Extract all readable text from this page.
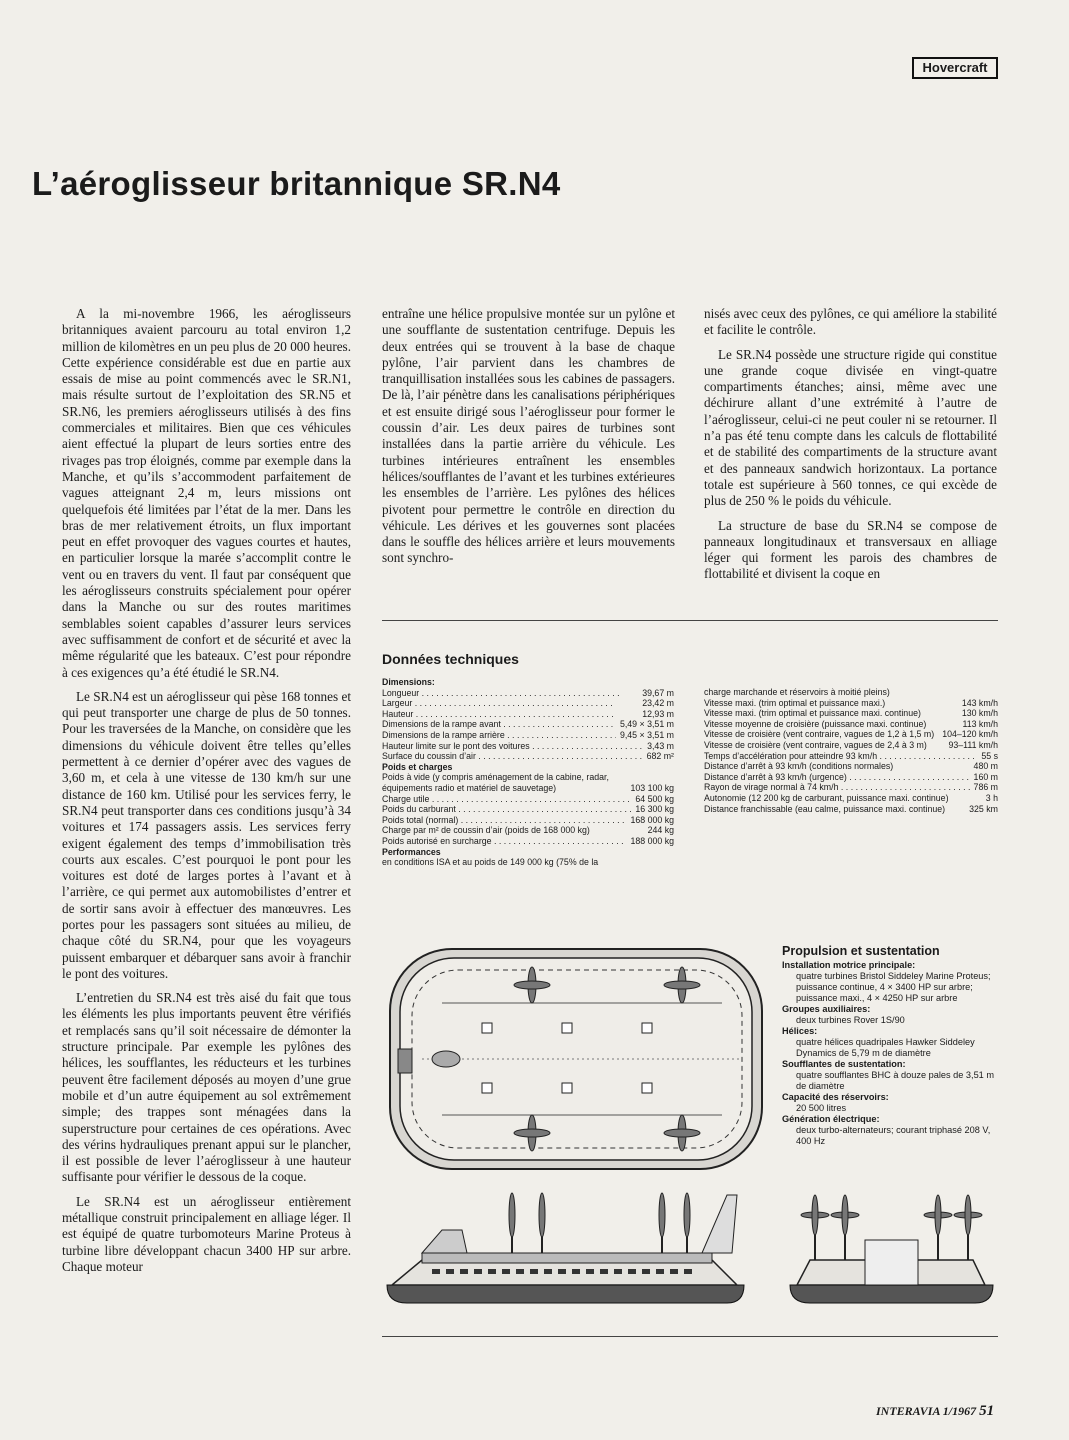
Hovercraft
L’aéroglisseur britannique SR.N4

A la mi-novembre 1966, les aéroglisseurs britanniques avaient parcouru au total environ 1,2 million de kilomètres en un peu plus de 20 000 heures. Cette expérience considérable est due en partie aux essais de mise au point commencés avec le SR.N1, mais résulte surtout de l’exploitation des SR.N5 et SR.N6, les premiers aéroglisseurs utilisés à des fins commerciales et militaires. Bien que ces véhicules aient effectué la plupart de leurs sorties entre des rivages pas trop éloignés, comme par exemple dans la Manche, et qu’ils s’accommodent parfaitement de vagues atteignant 2,4 m, leurs missions ont quelquefois été limitées par l’état de la mer. Dans les bras de mer relativement étroits, un flux important peut en effet provoquer des vagues courtes et hautes, en particulier lorsque la marée s’accomplit contre le vent ou en travers du vent. Il faut par conséquent que les aéroglisseurs construits spécialement pour opérer dans la Manche ou sur des routes maritimes semblables soient capables d’assurer leurs services avec suffisamment de confort et de sécurité et avec la même régularité que les bateaux. C’est pour répondre à ces exigences qu’a été étudié le SR.N4.

Le SR.N4 est un aéroglisseur qui pèse 168 tonnes et qui peut transporter une charge de plus de 50 tonnes. Pour les traversées de la Manche, on considère que les dimensions du véhicule doivent être telles qu’elles permettent à ce dernier d’opérer avec des vagues de 3,60 m, et cela à une vitesse de 130 km/h sur une distance de 160 km. Utilisé pour les services ferry, le SR.N4 peut transporter dans ces conditions jusqu’à 34 voitures et 174 passagers assis. Les services ferry exigent également des temps d’immobilisation très courts aux escales. C’est pourquoi le pont pour les voitures est doté de larges portes à l’avant et à l’arrière, ce qui permet aux automobilistes d’entrer et de sortir sans avoir à effectuer des manœuvres. Les portes pour les passagers sont situées au milieu, de chaque côté du SR.N4, pour que les voyageurs puissent embarquer et débarquer sans avoir à franchir le pont des voitures.

L’entretien du SR.N4 est très aisé du fait que tous les éléments les plus importants peuvent être vérifiés et remplacés sans qu’il soit nécessaire de démonter la structure principale. Par exemple les pylônes des hélices, les soufflantes, les réducteurs et les turbines peuvent être facilement déposés au moyen d’une grue mobile et d’un autre équipement au sol extrêmement simple; des trappes sont ménagées dans la superstructure pour certaines de ces opérations. Avec des vérins hydrauliques prenant appui sur le plancher, il est possible de lever l’aéroglisseur à une hauteur suffisante pour vérifier le dessous de la coque.

Le SR.N4 est un aéroglisseur entièrement métallique construit principalement en alliage léger. Il est équipé de quatre turbomoteurs Marine Proteus à turbine libre développant chacun 3400 HP sur arbre. Chaque moteur

entraîne une hélice propulsive montée sur un pylône et une soufflante de sustentation centrifuge. Depuis les deux entrées qui se trouvent à la base de chaque pylône, l’air parvient dans les chambres de tranquillisation installées sous les cabines de passagers. De là, l’air pénètre dans les canalisations périphériques et est ensuite dirigé sous l’aéroglisseur pour former le coussin d’air. Les deux paires de turbines sont installées dans la partie arrière du véhicule. Les turbines intérieures entraînent les ensembles hélices/soufflantes de l’avant et les turbines extérieures les ensembles de l’arrière. Les pylônes des hélices pivotent pour permettre le contrôle en direction du véhicule. Les dérives et les gouvernes sont placées dans le souffle des hélices arrière et leurs mouvements sont synchro-

nisés avec ceux des pylônes, ce qui améliore la stabilité et facilite le contrôle.

Le SR.N4 possède une structure rigide qui constitue une grande coque divisée en vingt-quatre compartiments étanches; ainsi, même avec une déchirure allant d’une extrémité à l’autre de l’aéroglisseur, celui-ci ne peut couler ni se retourner. Il n’a pas été tenu compte dans les calculs de flottabilité et de stabilité des compartiments de la structure avant et des panneaux sandwich horizontaux. La portance totale est supérieure à 560 tonnes, ce qui excède de plus de 250 % le poids du véhicule.

La structure de base du SR.N4 se compose de panneaux longitudinaux et transversaux en alliage léger qui forment les parois des chambres de flottabilité et divisent la coque en

Données techniques
Dimensions:
Longueur . . .	39,67 m
Largeur . . .	23,42 m
Hauteur . . .	12,93 m
Dimensions de la rampe avant . . .	5,49 × 3,51 m
Dimensions de la rampe arrière . . .	9,45 × 3,51 m
Hauteur limite sur le pont des voitures . . .	3,43 m
Surface du coussin d’air . . .	682 m²
Poids et charges
Poids à vide (y compris aménagement de la cabine, radar, équipements radio et matériel de sauvetage)	103 100 kg
Charge utile . . .	64 500 kg
Poids du carburant . . .	16 300 kg
Poids total (normal) . . .	168 000 kg
Charge par m² de coussin d’air (poids de 168 000 kg)	244 kg
Poids autorisé en surcharge . . .	188 000 kg
Performances
en conditions ISA et au poids de 149 000 kg (75% de la
charge marchande et réservoirs à moitié pleins)
Vitesse maxi. (trim optimal et puissance maxi.)	143 km/h
Vitesse maxi. (trim optimal et puissance maxi. continue)	130 km/h
Vitesse moyenne de croisière (puissance maxi. continue)	113 km/h
Vitesse de croisière (vent contraire, vagues de 1,2 à 1,5 m) 104–120 km/h
Vitesse de croisière (vent contraire, vagues de 2,4 à 3 m)	93–111 km/h
Temps d’accélération pour atteindre 93 km/h . . .	55 s
Distance d’arrêt à 93 km/h (conditions normales)	480 m
Distance d’arrêt à 93 km/h (urgence) . . .	160 m
Rayon de virage normal à 74 km/h . . .	786 m
Autonomie (12 200 kg de carburant, puissance maxi. continue)	3 h
Distance franchissable (eau calme, puissance maxi. continue)	325 km
Propulsion et sustentation
Installation motrice principale:
quatre turbines Bristol Siddeley Marine Proteus; puissance continue, 4 × 3400 HP sur arbre; puissance maxi., 4 × 4250 HP sur arbre
Groupes auxiliaires:
deux turbines Rover 1S/90
Hélices:
quatre hélices quadripales Hawker Siddeley Dynamics de 5,79 m de diamètre
Soufflantes de sustentation:
quatre soufflantes BHC à douze pales de 3,51 m de diamètre
Capacité des réservoirs:
20 500 litres
Génération électrique:
deux turbo-alternateurs; courant triphasé 208 V, 400 Hz
INTERAVIA 1/1967 51
